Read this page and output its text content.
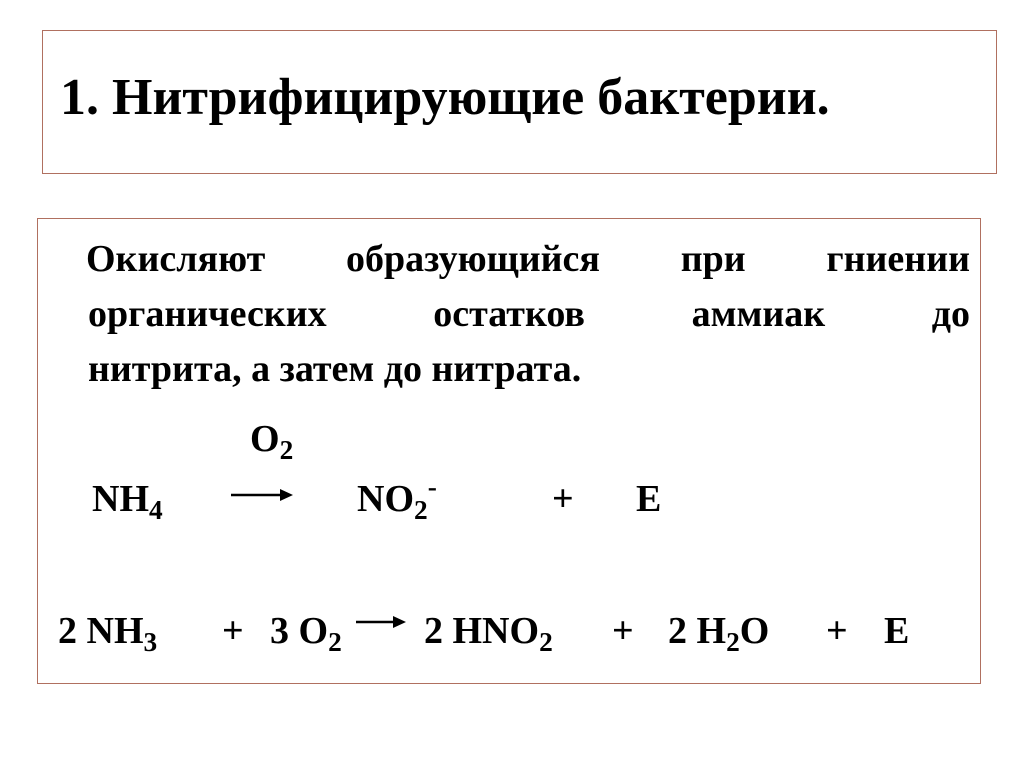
1. Нитрифицирующие бактерии.
Окисляют образующийся при гниении
органических	остатков	аммиак	до
нитрита, а затем до нитрата.
$O_2$
$NH_4$	$NO_2^-$	+ E
2 $NH_3 + 3$ $O_2$ 2 $HNO_2 + 2$ $H_2O + E$
